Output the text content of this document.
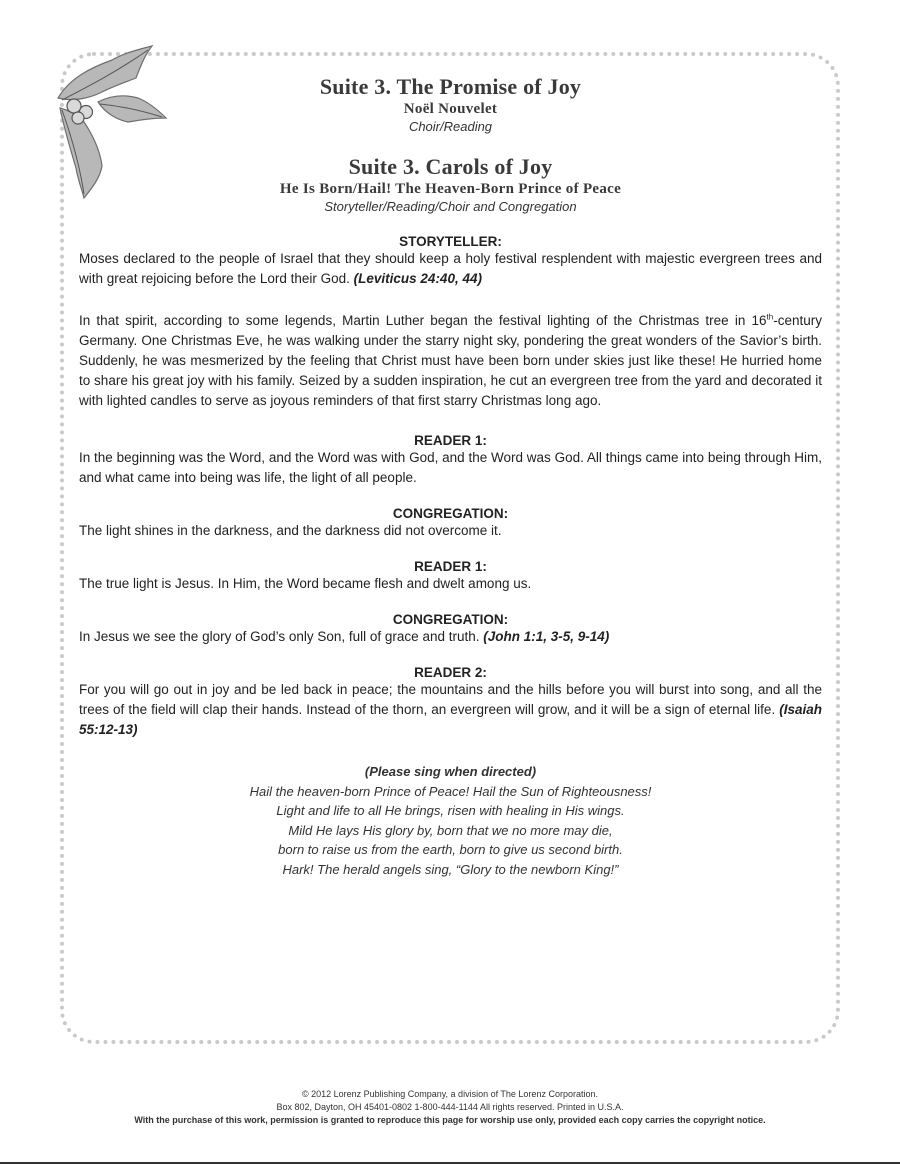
Suite 3. The Promise of Joy

Noël Nouvelet

Choir/Reading

Suite 3. Carols of Joy

He Is Born/Hail! The Heaven-Born Prince of Peace

Storyteller/Reading/Choir and Congregation

STORYTELLER:

Moses declared to the people of Israel that they should keep a holy festival resplendent with majestic evergreen trees and with great rejoicing before the Lord their God. (Leviticus 24:40, 44)

In that spirit, according to some legends, Martin Luther began the festival lighting of the Christmas tree in 16th-century Germany. One Christmas Eve, he was walking under the starry night sky, pondering the great wonders of the Savior’s birth. Suddenly, he was mesmerized by the feeling that Christ must have been born under skies just like these! He hurried home to share his great joy with his family. Seized by a sudden inspiration, he cut an evergreen tree from the yard and decorated it with lighted candles to serve as joyous reminders of that first starry Christmas long ago.

READER 1:

In the beginning was the Word, and the Word was with God, and the Word was God. All things came into being through Him, and what came into being was life, the light of all people.

CONGREGATION:

The light shines in the darkness, and the darkness did not overcome it.

READER 1:

The true light is Jesus. In Him, the Word became flesh and dwelt among us.

CONGREGATION:

In Jesus we see the glory of God’s only Son, full of grace and truth. (John 1:1, 3-5, 9-14)

READER 2:

For you will go out in joy and be led back in peace; the mountains and the hills before you will burst into song, and all the trees of the field will clap their hands. Instead of the thorn, an evergreen will grow, and it will be a sign of eternal life. (Isaiah 55:12-13)

(Please sing when directed)

Hail the heaven-born Prince of Peace! Hail the Sun of Righteousness!

Light and life to all He brings, risen with healing in His wings.

Mild He lays His glory by, born that we no more may die,

born to raise us from the earth, born to give us second birth.

Hark! The herald angels sing, “Glory to the newborn King!”

© 2012 Lorenz Publishing Company, a division of The Lorenz Corporation.
Box 802, Dayton, OH 45401-0802 1-800-444-1144 All rights reserved. Printed in U.S.A.
With the purchase of this work, permission is granted to reproduce this page for worship use only, provided each copy carries the copyright notice.
